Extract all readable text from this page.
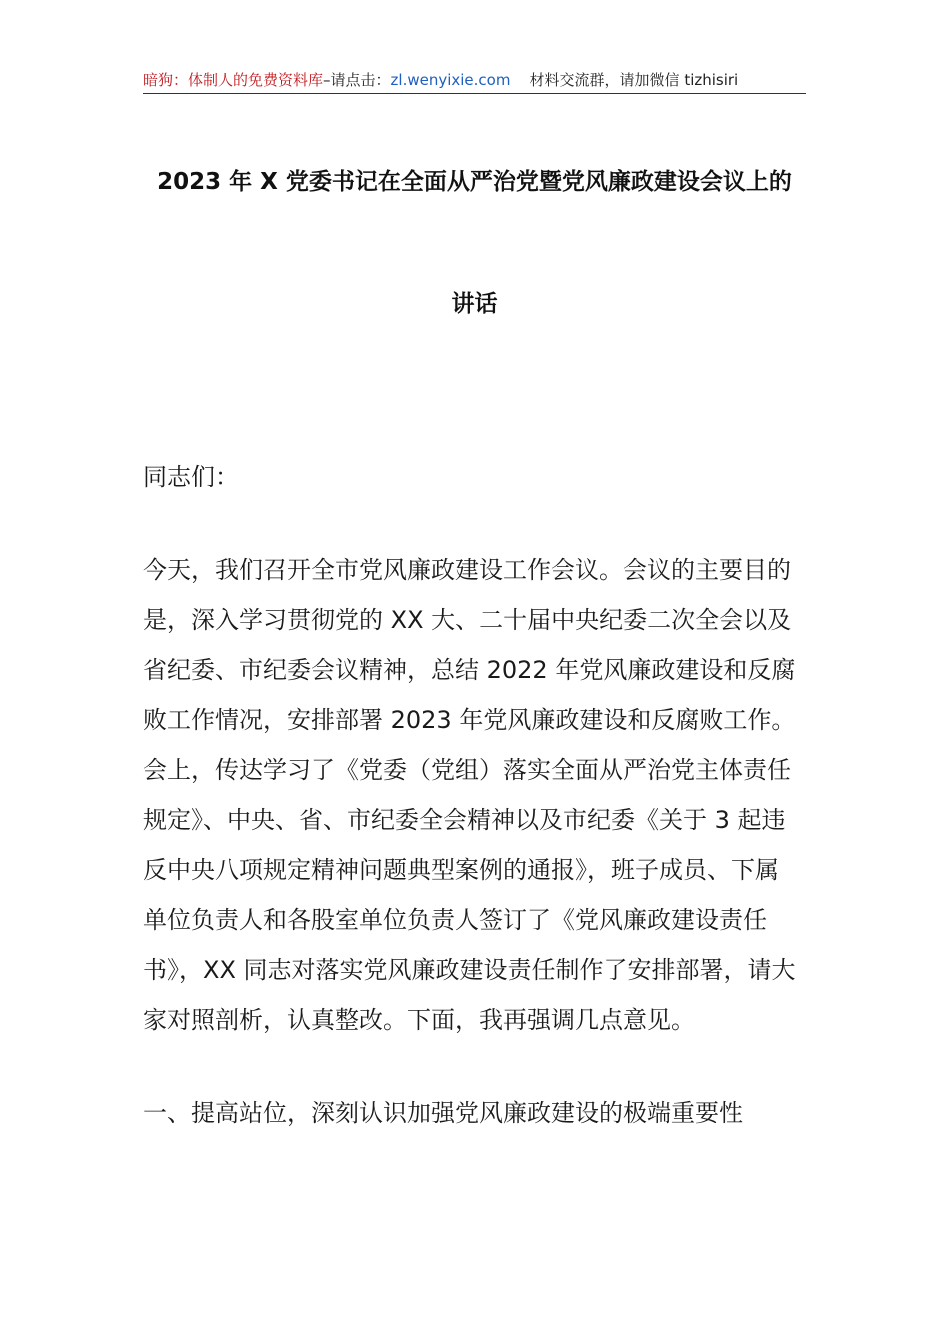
暗狗：体制人的免费资料库–请点击：zl.wenyixie.com 材料交流群，请加微信 tizhisiri
2023 年 X 党委书记在全面从严治党暨党风廉政建设会议上的
讲话
同志们：
今天，我们召开全市党风廉政建设工作会议。会议的主要目的
是，深入学习贯彻党的 XX 大、二十届中央纪委二次全会以及
省纪委、市纪委会议精神，总结 2022 年党风廉政建设和反腐
败工作情况，安排部署 2023 年党风廉政建设和反腐败工作。
会上，传达学习了《党委（党组）落实全面从严治党主体责任
规定》、中央、省、市纪委全会精神以及市纪委《关于 3 起违
反中央八项规定精神问题典型案例的通报》，班子成员、下属
单位负责人和各股室单位负责人签订了《党风廉政建设责任
书》，XX 同志对落实党风廉政建设责任制作了安排部署，请大
家对照剖析，认真整改。下面，我再强调几点意见。
一、提高站位，深刻认识加强党风廉政建设的极端重要性
